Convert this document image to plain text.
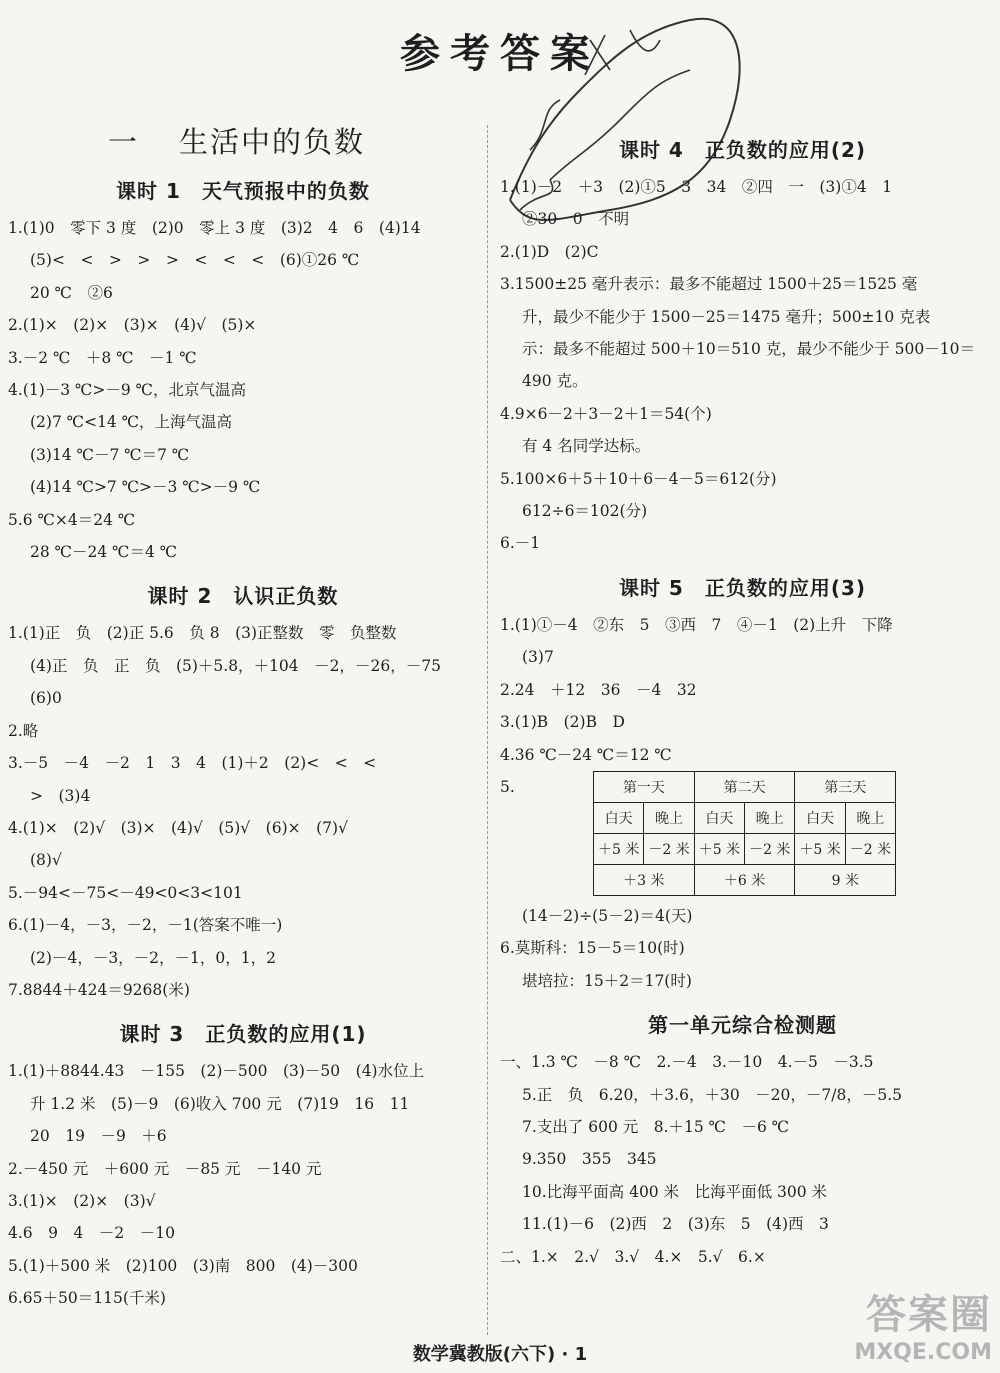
参考答案
一 生活中的负数
课时 1　天气预报中的负数
1.(1)0　零下 3 度　(2)0　零上 3 度　(3)2　4　6　(4)14
(5)<　<　>　>　>　<　<　<　(6)①26 ℃
20 ℃　②6
2.(1)×　(2)×　(3)×　(4)√　(5)×
3.－2 ℃　＋8 ℃　－1 ℃
4.(1)－3 ℃>－9 ℃，北京气温高
(2)7 ℃<14 ℃，上海气温高
(3)14 ℃－7 ℃＝7 ℃
(4)14 ℃>7 ℃>－3 ℃>－9 ℃
5.6 ℃×4＝24 ℃
28 ℃－24 ℃＝4 ℃
课时 2　认识正负数
1.(1)正　负　(2)正 5.6　负 8　(3)正整数　零　负整数
(4)正　负　正　负　(5)＋5.8，＋104　－2，－26，－75
(6)0
2.略
3.－5　－4　－2　1　3　4　(1)＋2　(2)<　<　<
>　(3)4
4.(1)×　(2)√　(3)×　(4)√　(5)√　(6)×　(7)√
(8)√
5.－94<－75<－49<0<3<101
6.(1)－4，－3，－2，－1(答案不唯一)
(2)－4，－3，－2，－1，0，1，2
7.8844＋424＝9268(米)
课时 3　正负数的应用(1)
1.(1)＋8844.43　－155　(2)－500　(3)－50　(4)水位上
升 1.2 米　(5)－9　(6)收入 700 元　(7)19　16　11
20　19　－9　＋6
2.－450 元　＋600 元　－85 元　－140 元
3.(1)×　(2)×　(3)√
4.6　9　4　－2　－10
5.(1)＋500 米　(2)100　(3)南　800　(4)－300
6.65＋50＝115(千米)
课时 4　正负数的应用(2)
1.(1)－2　＋3　(2)①5　3　34　②四　一　(3)①4　1
②30　0　不明
2.(1)D　(2)C
3.1500±25 毫升表示：最多不能超过 1500＋25＝1525 毫
升，最少不能少于 1500－25＝1475 毫升；500±10 克表
示：最多不能超过 500＋10＝510 克，最少不能少于 500－10＝
490 克。
4.9×6－2＋3－2＋1＝54(个)
有 4 名同学达标。
5.100×6＋5＋10＋6－4－5＝612(分)
612÷6＝102(分)
6.－1
课时 5　正负数的应用(3)
1.(1)①－4　②东　5　③西　7　④－1　(2)上升　下降
(3)7
2.24　＋12　36　－4　32
3.(1)B　(2)B　D
4.36 ℃－24 ℃＝12 ℃
5.	第一天		第二天		第三天	
白天	晚上	白天	晚上	白天	晚上
＋5 米	－2 米	＋5 米	－2 米	＋5 米	－2 米
＋3 米		＋6 米		9 米	
(14－2)÷(5－2)＝4(天)
6.莫斯科：15－5＝10(时)
堪培拉：15＋2＝17(时)
第一单元综合检测题
一、1.3 ℃　－8 ℃　2.－4　3.－10　4.－5　－3.5
5.正　负　6.20，＋3.6，＋30　－20，－7/8，－5.5
7.支出了 600 元　8.＋15 ℃　－6 ℃
9.350　355　345
10.比海平面高 400 米　比海平面低 300 米
11.(1)－6　(2)西　2　(3)东　5　(4)西　3
二、1.×　2.√　3.√　4.×　5.√　6.×
答案圈
MXQE.COM
数学冀教版(六下) · 1
